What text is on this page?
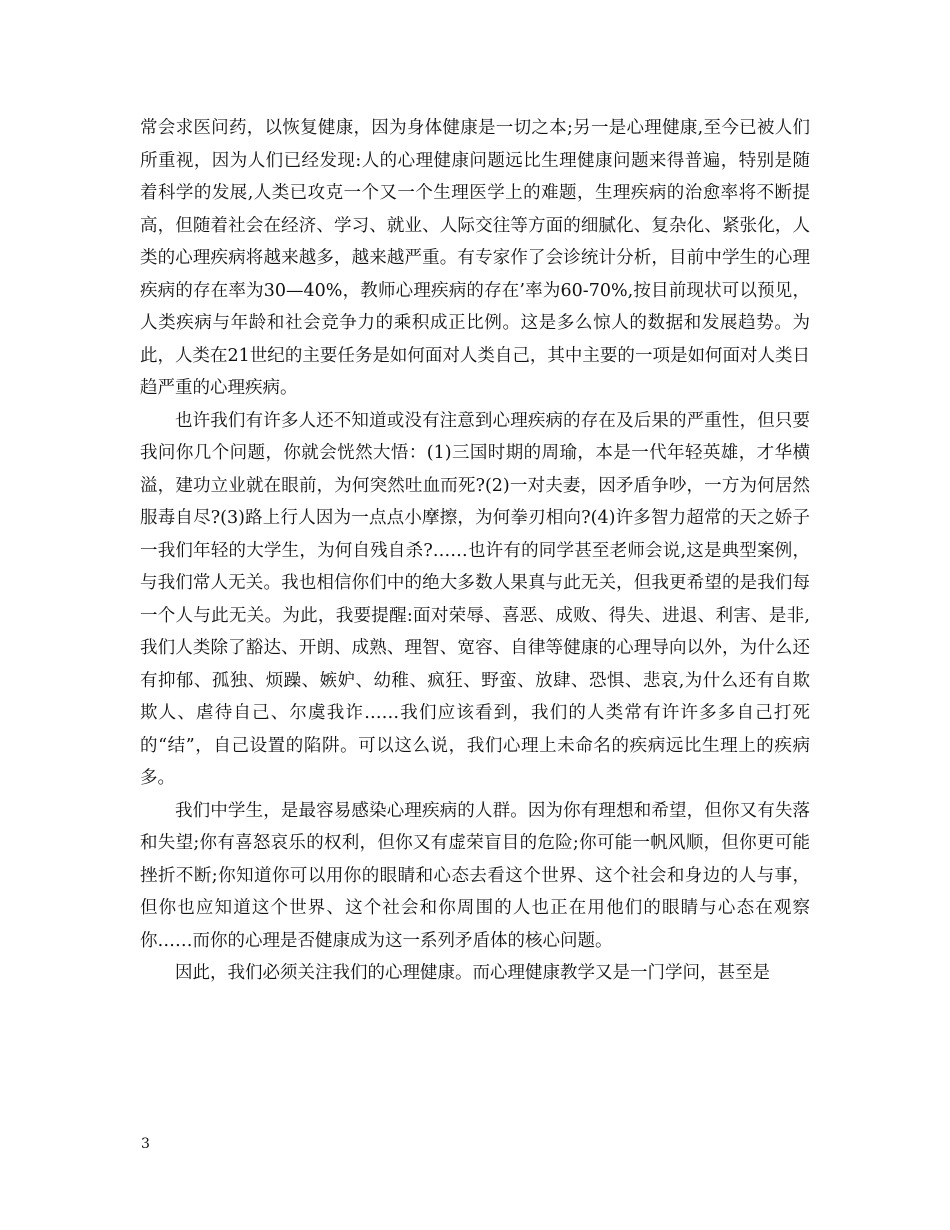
常会求医问药，以恢复健康，因为身体健康是一切之本;另一是心理健康,至今已被人们所重视，因为人们已经发现:人的心理健康问题远比生理健康问题来得普遍，特别是随着科学的发展,人类已攻克一个又一个生理医学上的难题，生理疾病的治愈率将不断提高，但随着社会在经济、学习、就业、人际交往等方面的细腻化、复杂化、紧张化，人类的心理疾病将越来越多，越来越严重。有专家作了会诊统计分析，目前中学生的心理疾病的存在率为30—40%，教师心理疾病的存在’率为60-70%,按目前现状可以预见，人类疾病与年龄和社会竞争力的乘积成正比例。这是多么惊人的数据和发展趋势。为此，人类在21世纪的主要任务是如何面对人类自己，其中主要的一项是如何面对人类日趋严重的心理疾病。

也许我们有许多人还不知道或没有注意到心理疾病的存在及后果的严重性，但只要我问你几个问题，你就会恍然大悟：(1)三国时期的周瑜，本是一代年轻英雄，才华横溢，建功立业就在眼前，为何突然吐血而死?(2)一对夫妻，因矛盾争吵，一方为何居然服毒自尽?(3)路上行人因为一点点小摩擦，为何拳刃相向?(4)许多智力超常的天之娇子一我们年轻的大学生，为何自残自杀?……也许有的同学甚至老师会说,这是典型案例，与我们常人无关。我也相信你们中的绝大多数人果真与此无关，但我更希望的是我们每一个人与此无关。为此，我要提醒:面对荣辱、喜恶、成败、得失、进退、利害、是非,我们人类除了豁达、开朗、成熟、理智、宽容、自律等健康的心理导向以外，为什么还有抑郁、孤独、烦躁、嫉妒、幼稚、疯狂、野蛮、放肆、恐惧、悲哀,为什么还有自欺欺人、虐待自己、尔虞我诈……我们应该看到，我们的人类常有许许多多自己打死的“结”，自己设置的陷阱。可以这么说，我们心理上未命名的疾病远比生理上的疾病多。

我们中学生，是最容易感染心理疾病的人群。因为你有理想和希望，但你又有失落和失望;你有喜怒哀乐的权利，但你又有虚荣盲目的危险;你可能一帆风顺，但你更可能挫折不断;你知道你可以用你的眼睛和心态去看这个世界、这个社会和身边的人与事，但你也应知道这个世界、这个社会和你周围的人也正在用他们的眼睛与心态在观察你……而你的心理是否健康成为这一系列矛盾体的核心问题。

因此，我们必须关注我们的心理健康。而心理健康教学又是一门学问，甚至是

3
